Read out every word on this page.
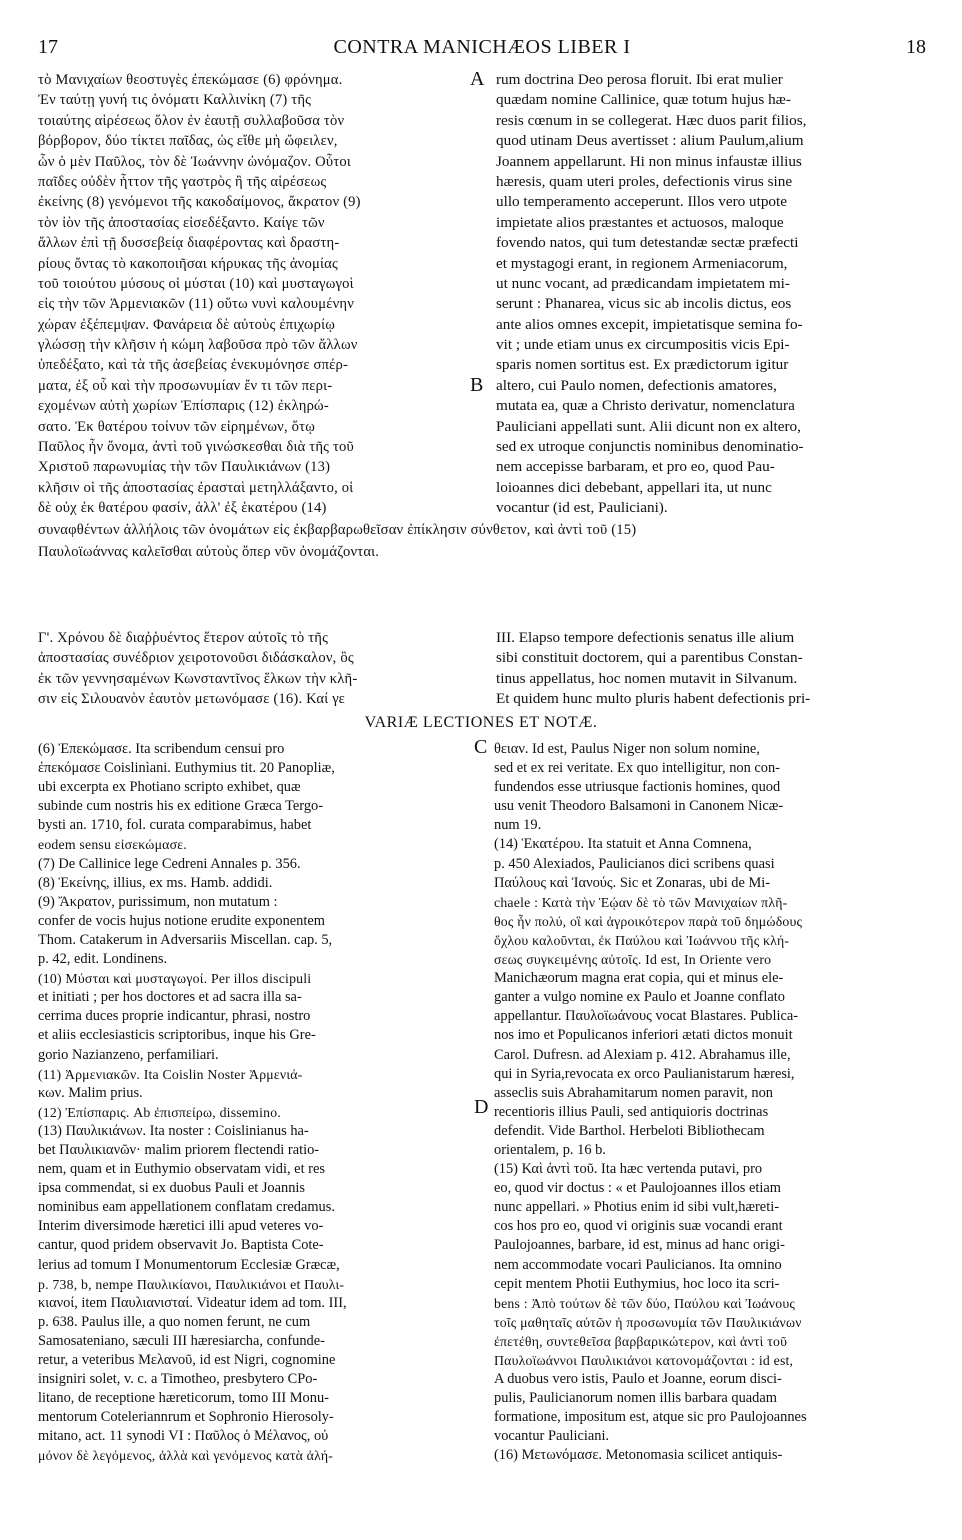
17	CONTRA MANICHÆOS LIBER I	18
τὸ Μανιχαίων θεοστυγὲς ἐπεκώμασε (6) φρόνημα.
Ἐν ταύτῃ γυνή τις ὀνόματι Καλλινίκη (7) τῆς
τοιαύτης αἱρέσεως ὅλον ἐν ἑαυτῇ συλλαβοῦσα τὸν
βόρβορον, δύο τίκτει παῖδας, ὡς εἴθε μὴ ὤφειλεν,
ὧν ὁ μὲν Παῦλος, τὸν δὲ Ἰωάννην ὠνόμαζον. Οὗτοι
παῖδες οὐδὲν ἧττον τῆς γαστρὸς ἢ τῆς αἱρέσεως
ἐκείνης (8) γενόμενοι τῆς κακοδαίμονος, ἄκρατον (9)
τὸν ἰὸν τῆς ἀποστασίας εἰσεδέξαντο. Καίγε τῶν
ἄλλων ἐπὶ τῇ δυσσεβείᾳ διαφέροντας καὶ δραστη-
ρίους ὄντας τὸ κακοποιῆσαι κήρυκας τῆς ἀνομίας
τοῦ τοιούτου μύσους οἱ μύσται (10) καὶ μυσταγωγοὶ
εἰς τὴν τῶν Ἀρμενιακῶν (11) οὕτω νυνὶ καλουμένην
χώραν ἐξέπεμψαν. Φανάρεια δὲ αὐτοὺς ἐπιχωρίῳ
γλώσσῃ τὴν κλῆσιν ἡ κώμη λαβοῦσα πρὸ τῶν ἄλλων
ὑπεδέξατο, καὶ τὰ τῆς ἀσεβείας ἐνεκυμόνησε σπέρ-
ματα, ἐξ οὗ καὶ τὴν προσωνυμίαν ἔν τι τῶν περι-
εχομένων αὐτὴ χωρίων Ἐπίσπαρις (12) ἐκληρώ-
σατο. Ἐκ θατέρου τοίνυν τῶν εἰρημένων, ὅτῳ
Παῦλος ἦν ὄνομα, ἀντὶ τοῦ γινώσκεσθαι διὰ τῆς τοῦ
Χριστοῦ παρωνυμίας τὴν τῶν Παυλικιάνων (13)
κλῆσιν οἱ τῆς ἀποστασίας ἐρασταὶ μετηλλάξαντο, οἱ
δὲ οὐχ ἐκ θατέρου φασίν, ἀλλ' ἐξ ἑκατέρου (14)
A
B
rum doctrina Deo perosa floruit. Ibi erat mulier
quædam nomine Callinice, quæ totum hujus hæ-
resis cœnum in se collegerat. Hæc duos parit filios,
quod utinam Deus avertisset : alium Paulum,alium
Joannem appellarunt. Hi non minus infaustæ illius
hæresis, quam uteri proles, defectionis virus sine
ullo temperamento acceperunt. Illos vero utpote
impietate alios præstantes et actuosos, maloque
fovendo natos, qui tum detestandæ sectæ præfecti
et mystagogi erant, in regionem Armeniacorum,
ut nunc vocant, ad prædicandam impietatem mi-
serunt : Phanarea, vicus sic ab incolis dictus, eos
ante alios omnes excepit, impietatisque semina fo-
vit ; unde etiam unus ex circumpositis vicis Epi-
sparis nomen sortitus est. Ex prædictorum igitur
altero, cui Paulo nomen, defectionis amatores,
mutata ea, quæ a Christo derivatur, nomenclatura
Pauliciani appellati sunt. Alii dicunt non ex altero,
sed ex utroque conjunctis nominibus denominatio-
nem accepisse barbaram, et pro eo, quod Pau-
loioannes dici debebant, appellari ita, ut nunc
vocantur (id est, Pauliciani).
συναφθέντων ἀλλήλοις τῶν ὀνομάτων εἰς ἐκβαρβαρωθεῖσαν ἐπίκλησιν σύνθετον, καὶ ἀντὶ τοῦ (15)
Παυλοϊωάννας καλεῖσθαι αὐτοὺς ὅπερ νῦν ὀνομάζονται.
Γ'. Χρόνου δὲ διαῤῥυέντος ἕτερον αὐτοῖς τὸ τῆς
ἀποστασίας συνέδριον χειροτονοῦσι διδάσκαλον, ὃς
ἐκ τῶν γεννησαμένων Κωνσταντῖνος ἕλκων τὴν κλῆ-
σιν εἰς Σιλουανὸν ἑαυτὸν μετωνόμασε (16). Καί γε
III. Elapso tempore defectionis senatus ille alium
sibi constituit doctorem, qui a parentibus Constan-
tinus appellatus, hoc nomen mutavit in Silvanum.
Et quidem hunc multo pluris habent defectionis pri-
VARIÆ LECTIONES ET NOTÆ.
(6) Ἐπεκώμασε. Ita scribendum censui pro
ἐπεκόμασε Coislinìani. Euthymius tit. 20 Panopliæ,
ubi excerpta ex Photiano scripto exhibet, quæ
subinde cum nostris his ex editione Græca Tergo-
bysti an. 1710, fol. curata comparabimus, habet
eodem sensu εἰσεκώμασε.
(7) De Callinice lege Cedreni Annales p. 356.
(8) Ἐκείνης, illius, ex ms. Hamb. addidi.
(9) Ἄκρατον, purissimum, non mutatum :
confer de vocis hujus notione erudite exponentem
Thom. Catakerum in Adversariis Miscellan. cap. 5,
p. 42, edit. Londinens.
(10) Μύσται καὶ μυσταγωγοί. Per illos discipuli
et initiati ; per hos doctores et ad sacra illa sa-
cerrima duces proprie indicantur, phrasi, nostro
et aliis ecclesiasticis scriptoribus, inque his Gre-
gorio Nazianzeno, perfamiliari.
(11) Ἀρμενιακῶν. Ita Coislin Noster Ἀρμενιά-
κων. Malim prius.
(12) Ἐπίσπαρις. Ab ἐπισπείρω, dissemino.
(13) Παυλικιάνων. Ita noster : Coislinianus ha-
bet Παυλικιανῶν· malim priorem flectendi ratio-
nem, quam et in Euthymio observatam vidi, et res
ipsa commendat, si ex duobus Pauli et Joannis
nominibus eam appellationem conflatam credamus.
Interim diversimode hæretici illi apud veteres vo-
cantur, quod pridem observavit Jo. Baptista Cote-
lerius ad tomum I Monumentorum Ecclesiæ Græcæ,
p. 738, b, nempe Παυλικίανοι, Παυλικιάνοι et Παυλι-
κιανοί, item Παυλιανισταί. Videatur idem ad tom. III,
p. 638. Paulus ille, a quo nomen ferunt, ne cum
Samosateniano, sæculi III hæresiarcha, confunde-
retur, a veteribus Μελανοῦ, id est Nigri, cognomine
insigniri solet, v. c. a Timotheo, presbytero CPo-
litano, de receptione hæreticorum, tomo III Monu-
mentorum Coteleriannrum et Sophronio Hierosoly-
mitano, act. 11 synodi VI : Παῦλος ὁ Μέλανος, οὐ
μόνον δὲ λεγόμενος, ἀλλὰ καὶ γενόμενος κατὰ ἀλή-
C
D
θειαν. Id est, Paulus Niger non solum nomine,
sed et ex rei veritate. Ex quo intelligitur, non con-
fundendos esse utriusque factionis homines, quod
usu venit Theodoro Balsamoni in Canonem Nicæ-
num 19.
(14) Ἑκατέρου. Ita statuit et Anna Comnena,
p. 450 Alexiados, Paulicianos dici scribens quasi
Παύλους καὶ Ἰανούς. Sic et Zonaras, ubi de Mi-
chaele : Κατὰ τὴν Ἑῴαν δὲ τὸ τῶν Μανιχαίων πλῆ-
θος ἦν πολύ, οἳ καὶ ἀγροικότερον παρὰ τοῦ δημώδους
ὄχλου καλοῦνται, ἐκ Παύλου καὶ Ἰωάννου τῆς κλή-
σεως συγκειμένης αὐτοῖς. Id est, In Oriente vero
Manichæorum magna erat copia, qui et minus ele-
ganter a vulgo nomine ex Paulo et Joanne conflato
appellantur. Παυλοϊωάνους vocat Blastares. Publica-
nos imo et Populicanos inferiori ætati dictos monuit
Carol. Dufresn. ad Alexiam p. 412. Abrahamus ille,
qui in Syria,revocata ex orco Paulianistarum hæresi,
asseclis suis Abrahamitarum nomen paravit, non
recentioris illius Pauli, sed antiquioris doctrinas
defendit. Vide Barthol. Herbeloti Bibliothecam
orientalem, p. 16 b.
(15) Καὶ ἀντὶ τοῦ. Ita hæc vertenda putavi, pro
eo, quod vir doctus : « et Paulojoannes illos etiam
nunc appellari. » Photius enim id sibi vult,hæreti-
cos hos pro eo, quod vi originis suæ vocandi erant
Paulojoannes, barbare, id est, minus ad hanc origi-
nem accommodate vocari Paulicianos. Ita omnino
cepit mentem Photii Euthymius, hoc loco ita scri-
bens : Ἀπὸ τούτων δὲ τῶν δύο, Παύλου καὶ Ἰωάνους
τοῖς μαθηταῖς αὐτῶν ἡ προσωνυμία τῶν Παυλικιάνων
ἐπετέθη, συντεθεῖσα βαρβαρικώτερον, καὶ ἀντὶ τοῦ
Παυλοϊωάννοι Παυλικιάνοι κατονομάζονται : id est,
A duobus vero istis, Paulo et Joanne, eorum disci-
pulis, Paulicianorum nomen illis barbara quadam
formatione, impositum est, atque sic pro Paulojoannes
vocantur Pauliciani.
(16) Μετωνόμασε. Metonomasia scilicet antiquis-
